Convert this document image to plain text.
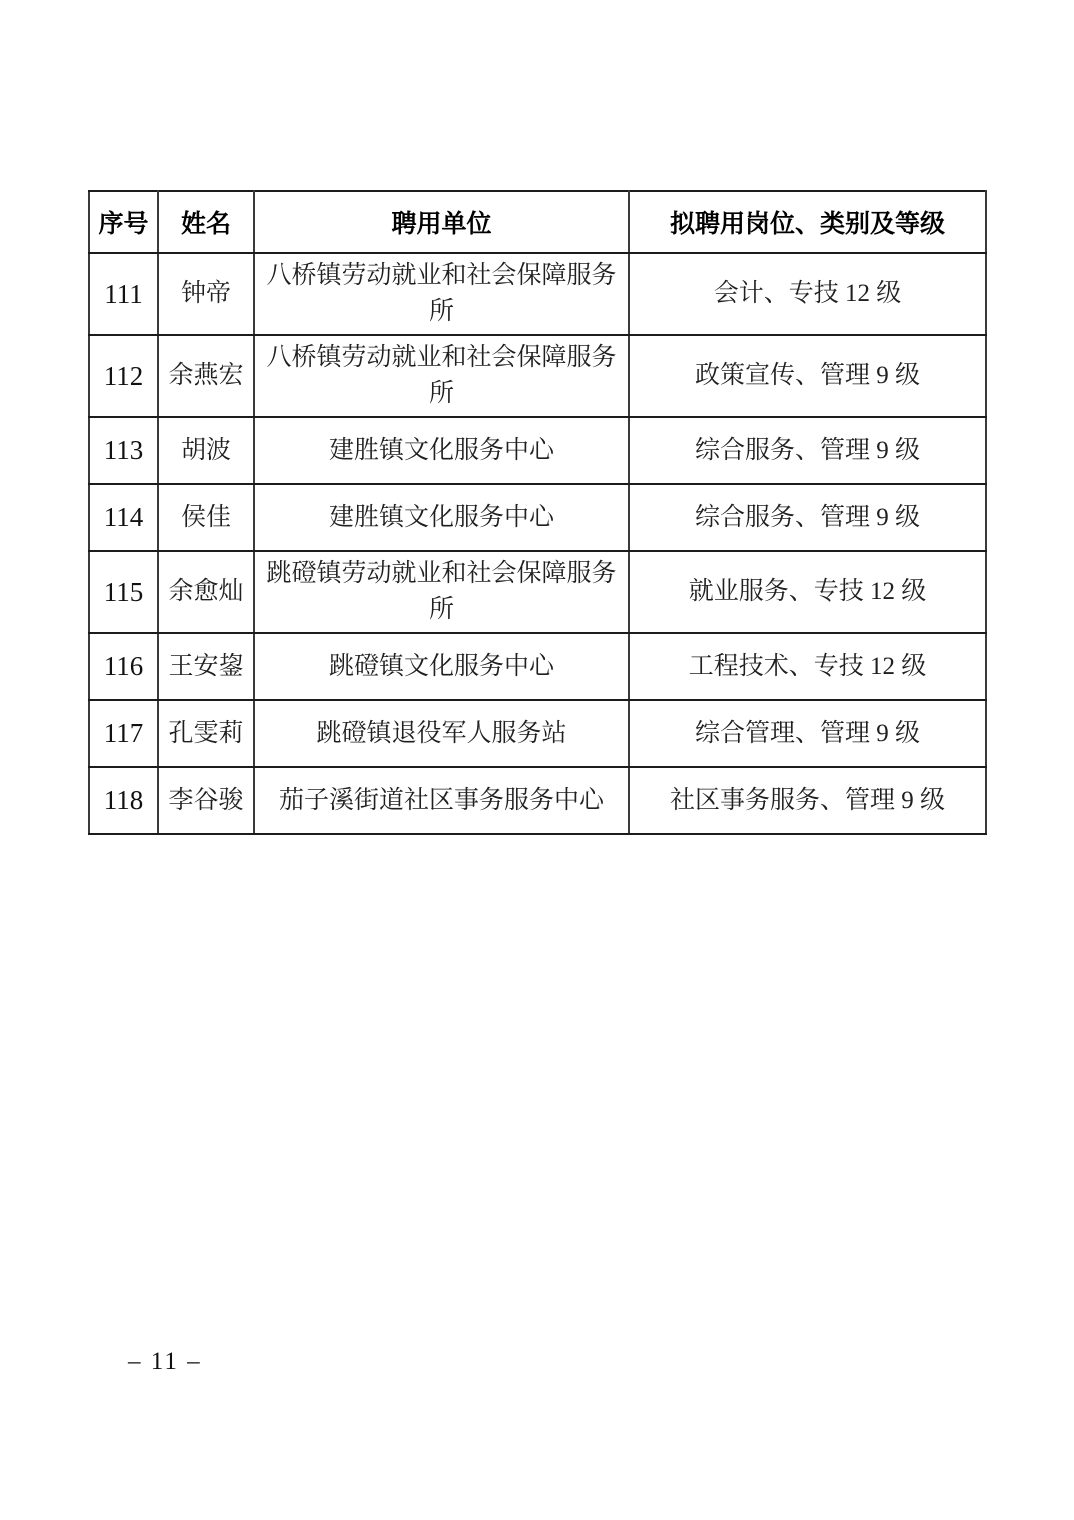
序号	姓名	聘用单位	拟聘用岗位、类别及等级
111	钟帝	八桥镇劳动就业和社会保障服务所	会计、专技 12 级
112	余燕宏	八桥镇劳动就业和社会保障服务所	政策宣传、管理 9 级
113	胡波	建胜镇文化服务中心	综合服务、管理 9 级
114	侯佳	建胜镇文化服务中心	综合服务、管理 9 级
115	余愈灿	跳磴镇劳动就业和社会保障服务所	就业服务、专技 12 级
116	王安鋆	跳磴镇文化服务中心	工程技术、专技 12 级
117	孔雯莉	跳磴镇退役军人服务站	综合管理、管理 9 级
118	李谷骏	茄子溪街道社区事务服务中心	社区事务服务、管理 9 级
– 11 –
